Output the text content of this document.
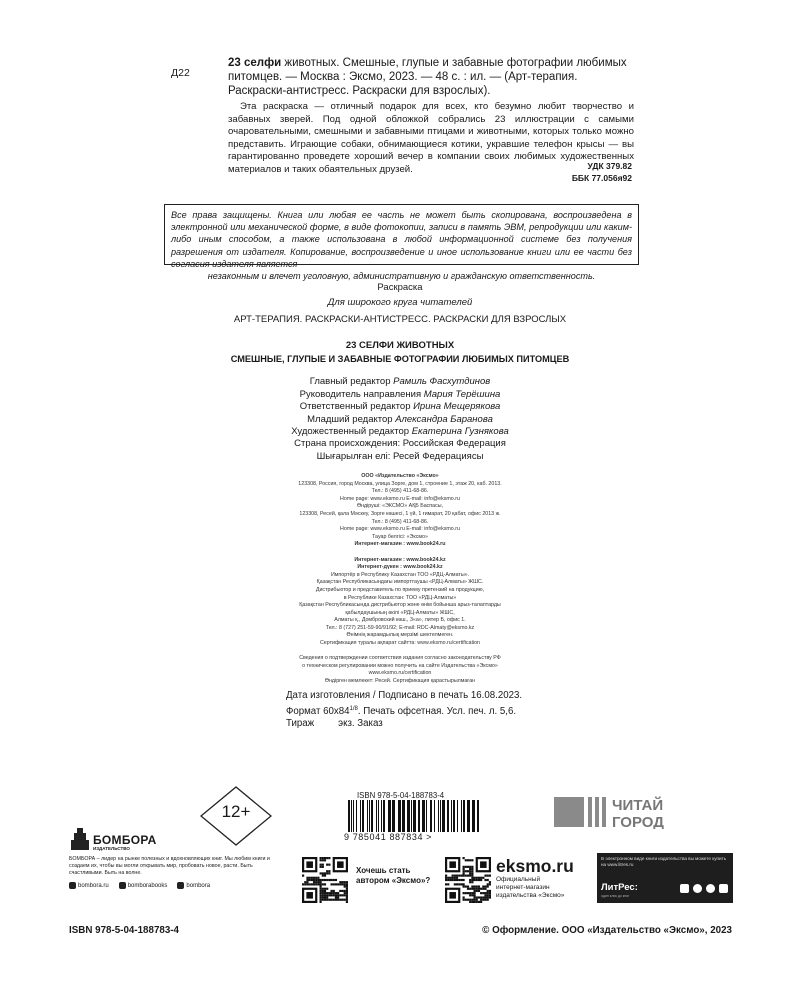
Д22
23 селфи животных. Смешные, глупые и забавные фотографии любимых питомцев. — Москва : Эксмо, 2023. — 48 с. : ил. — (Арт-терапия. Раскраски-антистресс. Раскраски для взрослых).
Эта раскраска — отличный подарок для всех, кто безумно любит творчество и забавных зверей. Под одной обложкой собрались 23 иллюстрации с самыми очаровательными, смешными и забавными птицами и животными, которых только можно представить. Играющие собаки, обнимающиеся котики, укравшие телефон крысы — вы гарантированно проведете хороший вечер в компании своих любимых художественных материалов и таких обаятельных друзей.	УДК 379.82
ББК 77.056я92
Все права защищены. Книга или любая ее часть не может быть скопирована, воспроизведена в электронной или механической форме, в виде фотокопии, записи в память ЭВМ, репродукции или каким-либо иным способом, а также использована в любой информационной системе без получения разрешения от издателя. Копирование, воспроизведение и иное использование книги или ее части без согласия издателя является
незаконным и влечет уголовную, административную и гражданскую ответственность.
Раскраска
Для широкого круга читателей
АРТ-ТЕРАПИЯ. РАСКРАСКИ-АНТИСТРЕСС. РАСКРАСКИ ДЛЯ ВЗРОСЛЫХ
23 СЕЛФИ ЖИВОТНЫХ
СМЕШНЫЕ, ГЛУПЫЕ И ЗАБАВНЫЕ ФОТОГРАФИИ ЛЮБИМЫХ ПИТОМЦЕВ
Главный редактор Рамиль Фасхутдинов
Руководитель направления Мария Терёшина
Ответственный редактор Ирина Мещерякова
Младший редактор Александра Баранова
Художественный редактор Екатерина Гузнякова
Страна происхождения: Российская Федерация
Шығарылған елі: Ресей Федерациясы
ООО «Издательство «Эксмо»
123308, Россия, город Москва, улица Зорге, дом 1, строение 1, этаж 20, каб. 2013.
Тел.: 8 (495) 411-68-86.
Home page: www.eksmo.ru E-mail: info@eksmo.ru
Өндіруші: «ЭКСМО» АҚБ Баспасы,
123308, Ресей, қала Мәскеу, Зорге көшесі, 1 үй, 1 ғимарат, 20 қабат, офис 2013 ж.
Тел.: 8 (495) 411-68-86.
Home page: www.eksmo.ru E-mail: info@eksmo.ru
Тауар белгісі: «Эксмо»
Интернет-магазин : www.book24.ru

Интернет-магазин : www.book24.kz
Интернет-дүкен : www.book24.kz
Импортёр в Республику Казахстан ТОО «РДЦ-Алматы».
Қазақстан Республикасындағы импорттаушы «РДЦ-Алматы» ЖШС.
Дистрибьютор и представитель по приему претензий на продукцию,
в Республике Казахстан: ТОО «РДЦ-Алматы»
Қазақстан Республикасында дистрибьютор және өнім бойынша арыз-талаптарды
қабылдаушының өкілі «РДЦ-Алматы» ЖШС,
Алматы қ., Домбровский көш., 3«а», литер Б, офис 1.
Тел.: 8 (727) 251-59-90/91/92; E-mail: RDC-Almaty@eksmo.kz
Өнімнің жарамдылық мерзімі шектелмеген.
Сертификация туралы ақпарат сайтта: www.eksmo.ru/certification

Сведения о подтверждении соответствия издания согласно законодательству РФ
о техническом регулировании можно получить на сайте Издательства «Эксмо»
www.eksmo.ru/certification
Өндірген мемлекет: Ресей. Сертификация қарастырылмаған
Дата изготовления / Подписано в печать 16.08.2023.
Формат $60x84^{1/8}$. Печать офсетная. Усл. печ. л. 5,6.
Тираж экз. Заказ
12+
ISBN 978-5-04-188783-4
9 785041 887834 >
ЧИТАЙ
ГОРОД
БОМБОРА
ИЗДАТЕЛЬСТВО
БОМБОРА – лидер на рынке полезных и вдохновляющих книг. Мы любим книги и создаем их, чтобы вы могли открывать мир, пробовать новое, расти. Быть счастливыми. Быть на волне.
bombora.ru	bomborabooks	bombora
Хочешь стать
автором «Эксмо»?
eksmo.ru
Официальный
интернет-магазин
издательства «Эксмо»
В электронном виде книги издательства вы можете купить на www.litres.ru
ЛитРес:
один клик до книг
ISBN 978-5-04-188783-4	© Оформление. ООО «Издательство «Эксмо», 2023
